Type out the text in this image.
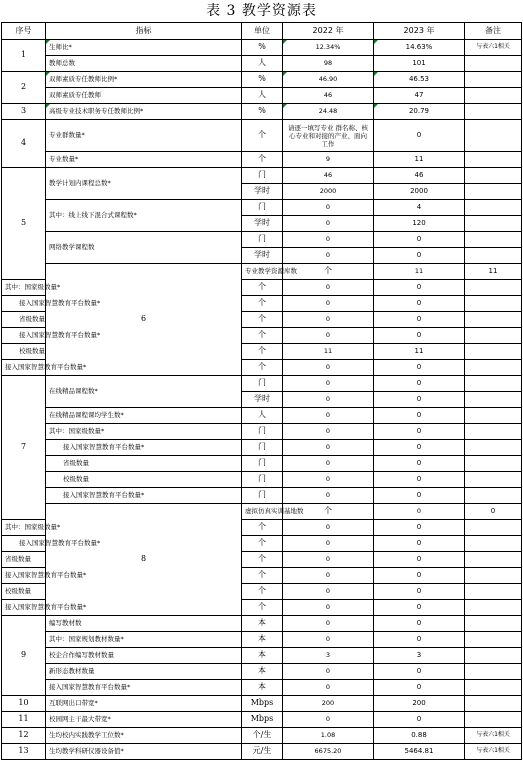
表 3 教学资源表
序号	指标	单位	2022 年	2023 年	备注	
1	生师比*	%	12.34%	14.63%	与表六1相关	
	教师总数	人	98	101		
2	双师素质专任教师比例*	%	46.90	46.53		
	双师素质专任教师	人	46	47		
3	高级专业技术职务专任教师比例*	%	24.48	20.79		
4	专业群数量*	个	请逐一填写专业 群名称、核心专业和对接的产业、面向工作	0		
	专业数量*	个	9	11		
5	教学计划内课程总数*	门	46	46		
		学时	2000	2000		
	其中：线上线下混合式课程数*	门	0	4		
		学时	0	120		
	网络教学课程数	门	0	0		
		学时	0	0		
	6	专业教学资源库数	个	11	11	
其中：国家级数量*		个	0	0		
接入国家智慧教育平台数量*		个	0	0		
省级数量		个	0	0		
接入国家智慧教育平台数量*		个	0	0		
校级数量		个	11	11		
接入国家智慧教育平台数量*		个	0	0		
7	在线精品课程数*	门	0	0		
		学时	0	0		
	在线精品课程课均学生数*	人	0	0		
	其中：国家级数量*	门	0	0		
	接入国家智慧教育平台数量*	门	0	0		
	省级数量	门	0	0		
	校级数量	门	0	0		
	接入国家智慧教育平台数量*	门	0	0		
	8	虚拟仿真实训基地数	个	0	0	
其中：国家级数量*		个	0	0		
接入国家智慧教育平台数量*		个	0	0		
省级数量		个	0	0		
接入国家智慧教育平台数量*		个	0	0		
校级数量		个	0	0		
接入国家智慧教育平台数量*		个	0	0		
9	编写教材数	本	0	0		
	其中：国家规划教材数量*	本	0	0		
	校企合作编写教材数量	本	3	3		
	新形态教材数量	本	0	0		
	接入国家智慧教育平台数量*	本	0	0		
10	互联网出口带宽*	Mbps	200	200		
11	校园网主干最大带宽*	Mbps	0	0		
12	生均校内实践教学工位数*	个/生	1.08	0.88	与表六1相关	
13	生均教学科研仪器设备值*	元/生	6675.20	5464.81	与表六1相关	
